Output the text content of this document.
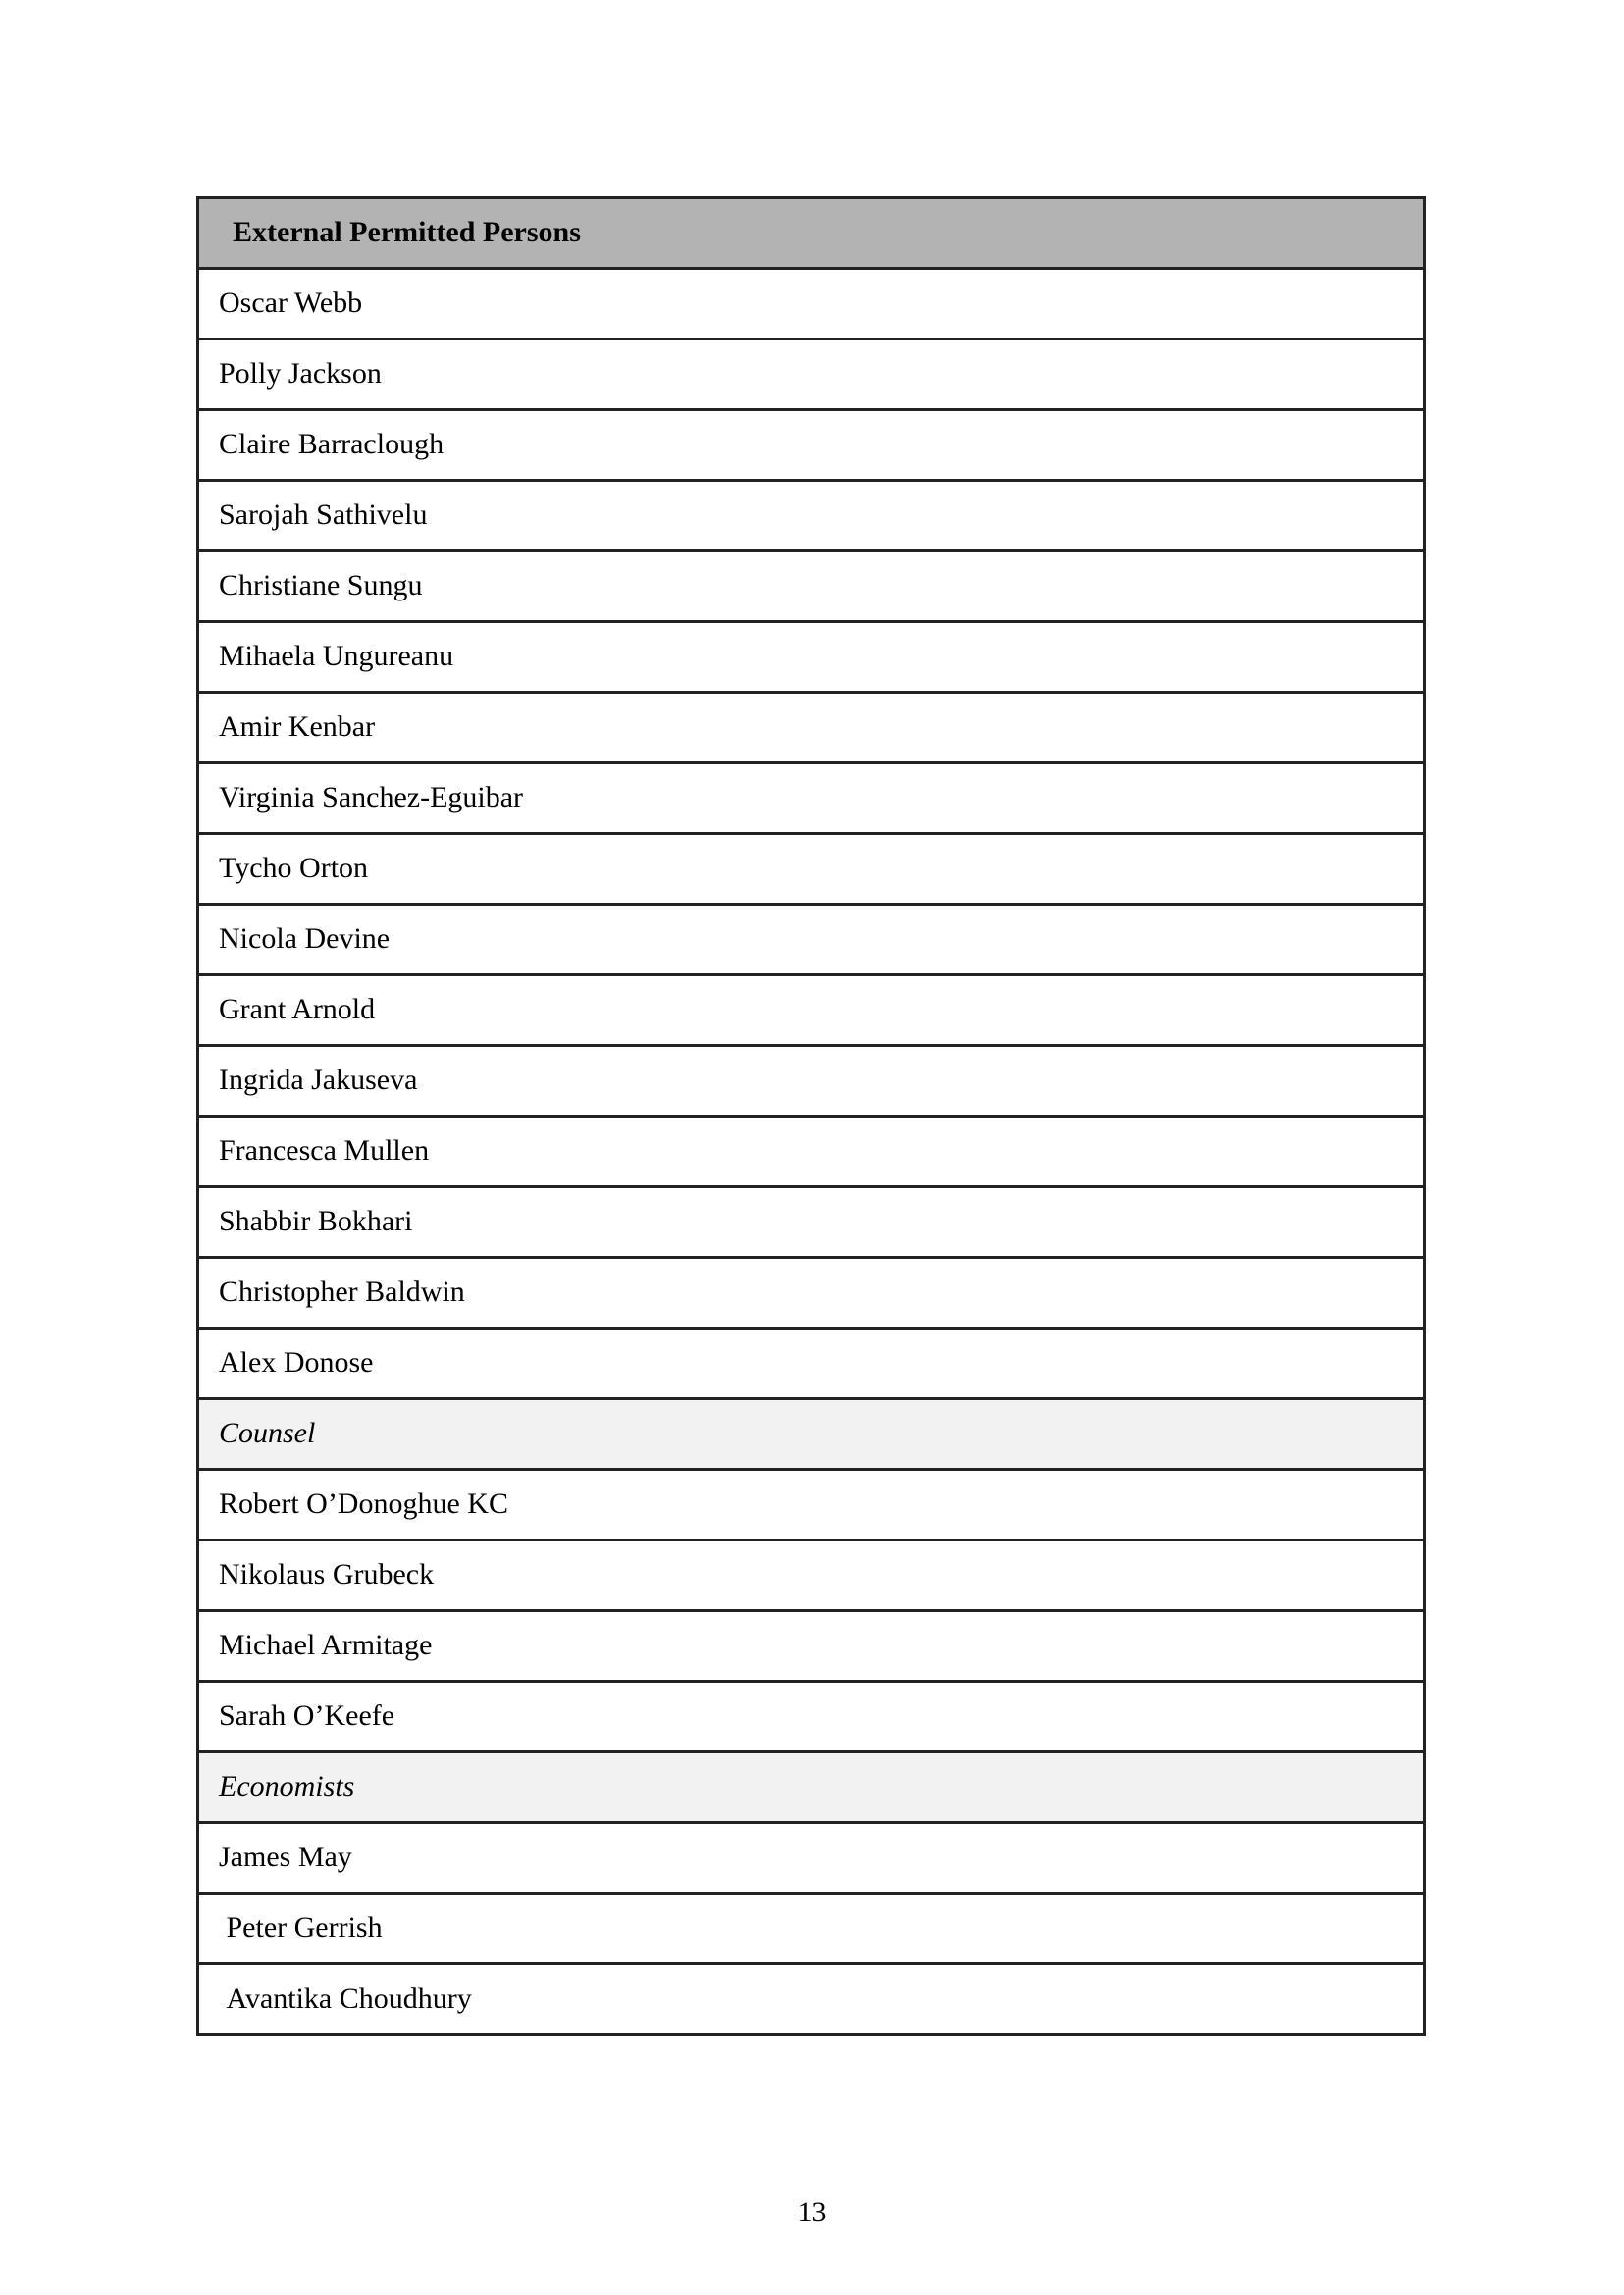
External Permitted Persons
Oscar Webb
Polly Jackson
Claire Barraclough
Sarojah Sathivelu
Christiane Sungu
Mihaela Ungureanu
Amir Kenbar
Virginia Sanchez-Eguibar
Tycho Orton
Nicola Devine
Grant Arnold
Ingrida Jakuseva
Francesca Mullen
Shabbir Bokhari
Christopher Baldwin
Alex Donose
Counsel
Robert O’Donoghue KC
Nikolaus Grubeck
Michael Armitage
Sarah O’Keefe
Economists
James May
Peter Gerrish
Avantika Choudhury
13
